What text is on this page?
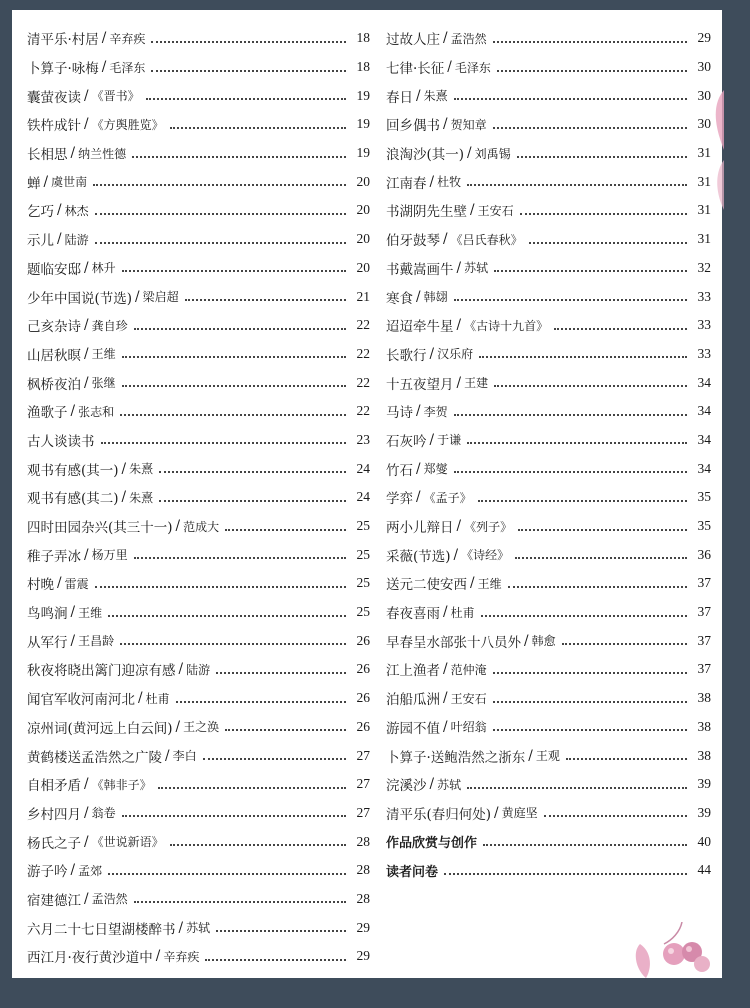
清平乐·村居 / 辛弃疾	18
卜算子·咏梅 / 毛泽东	18
囊萤夜读 / 《晋书》	19
铁杵成针 / 《方舆胜览》	19
长相思 / 纳兰性德	19
蝉 / 虞世南	20
乞巧 / 林杰	20
示儿 / 陆游	20
题临安邸 / 林升	20
少年中国说(节选) / 梁启超	21
己亥杂诗 / 龚自珍	22
山居秋暝 / 王维	22
枫桥夜泊 / 张继	22
渔歌子 / 张志和	22
古人谈读书	23
观书有感(其一) / 朱熹	24
观书有感(其二) / 朱熹	24
四时田园杂兴(其三十一) / 范成大	25
稚子弄冰 / 杨万里	25
村晚 / 雷震	25
鸟鸣涧 / 王维	25
从军行 / 王昌龄	26
秋夜将晓出篱门迎凉有感 / 陆游	26
闻官军收河南河北 / 杜甫	26
凉州词(黄河远上白云间) / 王之涣	26
黄鹤楼送孟浩然之广陵 / 李白	27
自相矛盾 / 《韩非子》	27
乡村四月 / 翁卷	27
杨氏之子 / 《世说新语》	28
游子吟 / 孟郊	28
宿建德江 / 孟浩然	28
六月二十七日望湖楼醉书 / 苏轼	29
西江月·夜行黄沙道中 / 辛弃疾	29
过故人庄 / 孟浩然	29
七律·长征 / 毛泽东	30
春日 / 朱熹	30
回乡偶书 / 贺知章	30
浪淘沙(其一) / 刘禹锡	31
江南春 / 杜牧	31
书湖阴先生壁 / 王安石	31
伯牙鼓琴 / 《吕氏春秋》	31
书戴嵩画牛 / 苏轼	32
寒食 / 韩翃	33
迢迢牵牛星 / 《古诗十九首》	33
长歌行 / 汉乐府	33
十五夜望月 / 王建	34
马诗 / 李贺	34
石灰吟 / 于谦	34
竹石 / 郑燮	34
学弈 / 《孟子》	35
两小儿辩日 / 《列子》	35
采薇(节选) / 《诗经》	36
送元二使安西 / 王维	37
春夜喜雨 / 杜甫	37
早春呈水部张十八员外 / 韩愈	37
江上渔者 / 范仲淹	37
泊船瓜洲 / 王安石	38
游园不值 / 叶绍翁	38
卜算子·送鲍浩然之浙东 / 王观	38
浣溪沙 / 苏轼	39
清平乐(春归何处) / 黄庭坚	39
作品欣赏与创作	40
读者问卷	44
